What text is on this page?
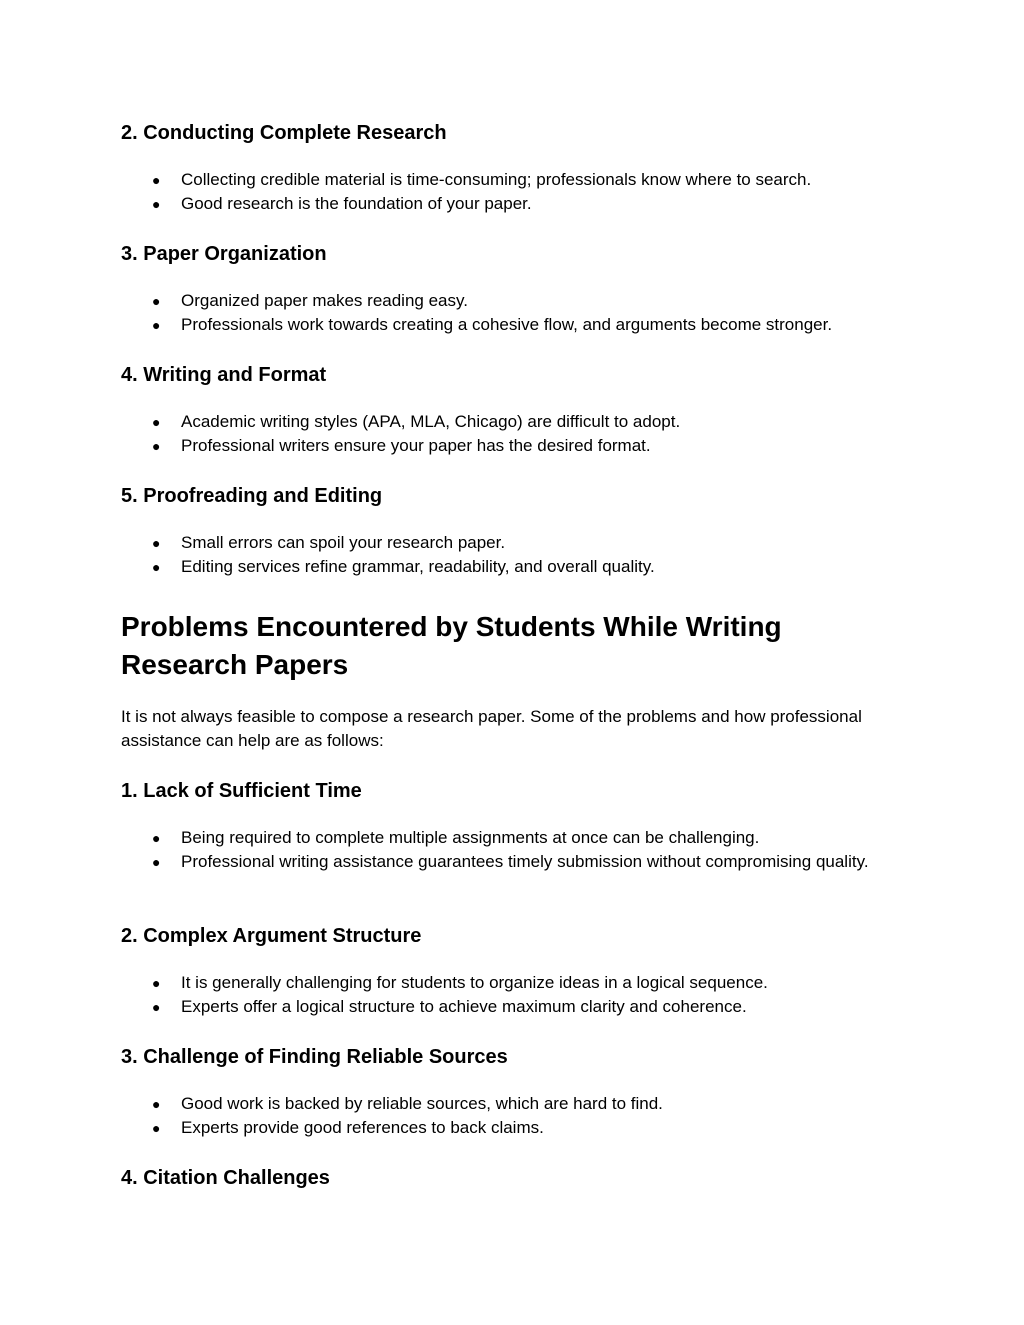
2. Conducting Complete Research
● Collecting credible material is time-consuming; professionals know where to search.
● Good research is the foundation of your paper.
3. Paper Organization
● Organized paper makes reading easy.
● Professionals work towards creating a cohesive flow, and arguments become stronger.
4. Writing and Format
● Academic writing styles (APA, MLA, Chicago) are difficult to adopt.
● Professional writers ensure your paper has the desired format.
5. Proofreading and Editing
● Small errors can spoil your research paper.
● Editing services refine grammar, readability, and overall quality.
Problems Encountered by Students While Writing Research Papers

It is not always feasible to compose a research paper. Some of the problems and how professional assistance can help are as follows:

1. Lack of Sufficient Time
● Being required to complete multiple assignments at once can be challenging.
● Professional writing assistance guarantees timely submission without compromising quality.
2. Complex Argument Structure
● It is generally challenging for students to organize ideas in a logical sequence.
● Experts offer a logical structure to achieve maximum clarity and coherence.
3. Challenge of Finding Reliable Sources
● Good work is backed by reliable sources, which are hard to find.
● Experts provide good references to back claims.
4. Citation Challenges
